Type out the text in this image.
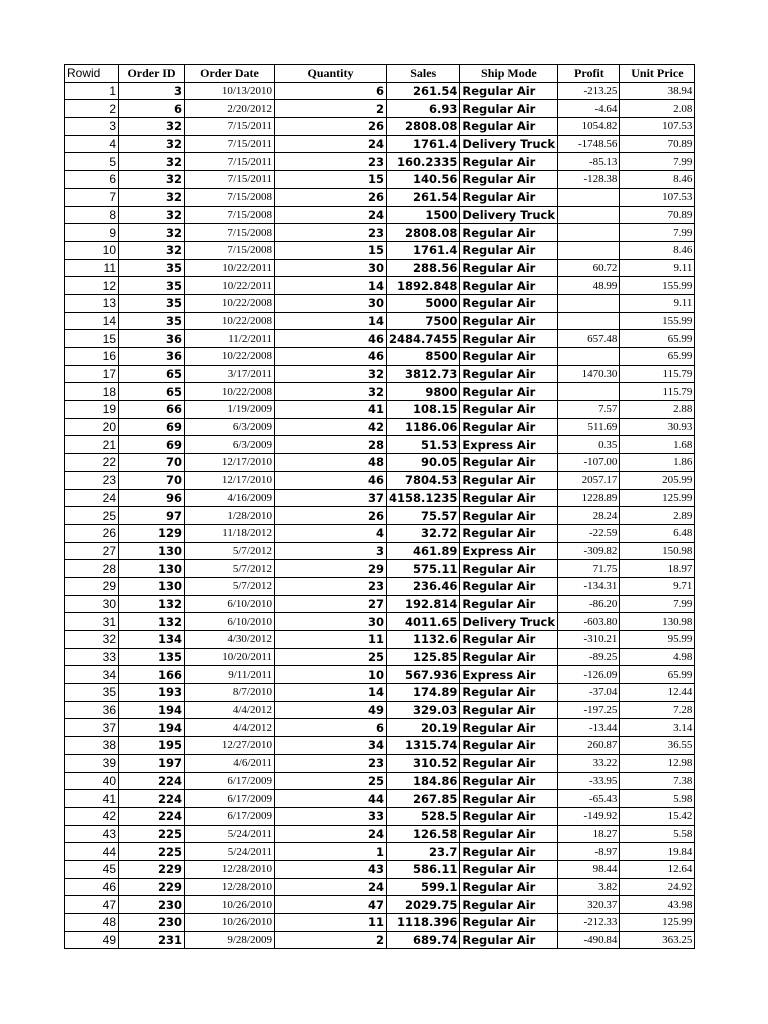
Rowid	Order ID	Order Date	Quantity	Sales	Ship Mode	Profit	Unit Price
1	3	10/13/2010	6	261.54	Regular Air	-213.25	38.94
2	6	2/20/2012	2	6.93	Regular Air	-4.64	2.08
3	32	7/15/2011	26	2808.08	Regular Air	1054.82	107.53
4	32	7/15/2011	24	1761.4	Delivery Truck	-1748.56	70.89
5	32	7/15/2011	23	160.2335	Regular Air	-85.13	7.99
6	32	7/15/2011	15	140.56	Regular Air	-128.38	8.46
7	32	7/15/2008	26	261.54	Regular Air		107.53
8	32	7/15/2008	24	1500	Delivery Truck		70.89
9	32	7/15/2008	23	2808.08	Regular Air		7.99
10	32	7/15/2008	15	1761.4	Regular Air		8.46
11	35	10/22/2011	30	288.56	Regular Air	60.72	9.11
12	35	10/22/2011	14	1892.848	Regular Air	48.99	155.99
13	35	10/22/2008	30	5000	Regular Air		9.11
14	35	10/22/2008	14	7500	Regular Air		155.99
15	36	11/2/2011	46	2484.7455	Regular Air	657.48	65.99
16	36	10/22/2008	46	8500	Regular Air		65.99
17	65	3/17/2011	32	3812.73	Regular Air	1470.30	115.79
18	65	10/22/2008	32	9800	Regular Air		115.79
19	66	1/19/2009	41	108.15	Regular Air	7.57	2.88
20	69	6/3/2009	42	1186.06	Regular Air	511.69	30.93
21	69	6/3/2009	28	51.53	Express Air	0.35	1.68
22	70	12/17/2010	48	90.05	Regular Air	-107.00	1.86
23	70	12/17/2010	46	7804.53	Regular Air	2057.17	205.99
24	96	4/16/2009	37	4158.1235	Regular Air	1228.89	125.99
25	97	1/28/2010	26	75.57	Regular Air	28.24	2.89
26	129	11/18/2012	4	32.72	Regular Air	-22.59	6.48
27	130	5/7/2012	3	461.89	Express Air	-309.82	150.98
28	130	5/7/2012	29	575.11	Regular Air	71.75	18.97
29	130	5/7/2012	23	236.46	Regular Air	-134.31	9.71
30	132	6/10/2010	27	192.814	Regular Air	-86.20	7.99
31	132	6/10/2010	30	4011.65	Delivery Truck	-603.80	130.98
32	134	4/30/2012	11	1132.6	Regular Air	-310.21	95.99
33	135	10/20/2011	25	125.85	Regular Air	-89.25	4.98
34	166	9/11/2011	10	567.936	Express Air	-126.09	65.99
35	193	8/7/2010	14	174.89	Regular Air	-37.04	12.44
36	194	4/4/2012	49	329.03	Regular Air	-197.25	7.28
37	194	4/4/2012	6	20.19	Regular Air	-13.44	3.14
38	195	12/27/2010	34	1315.74	Regular Air	260.87	36.55
39	197	4/6/2011	23	310.52	Regular Air	33.22	12.98
40	224	6/17/2009	25	184.86	Regular Air	-33.95	7.38
41	224	6/17/2009	44	267.85	Regular Air	-65.43	5.98
42	224	6/17/2009	33	528.5	Regular Air	-149.92	15.42
43	225	5/24/2011	24	126.58	Regular Air	18.27	5.58
44	225	5/24/2011	1	23.7	Regular Air	-8.97	19.84
45	229	12/28/2010	43	586.11	Regular Air	98.44	12.64
46	229	12/28/2010	24	599.1	Regular Air	3.82	24.92
47	230	10/26/2010	47	2029.75	Regular Air	320.37	43.98
48	230	10/26/2010	11	1118.396	Regular Air	-212.33	125.99
49	231	9/28/2009	2	689.74	Regular Air	-490.84	363.25
